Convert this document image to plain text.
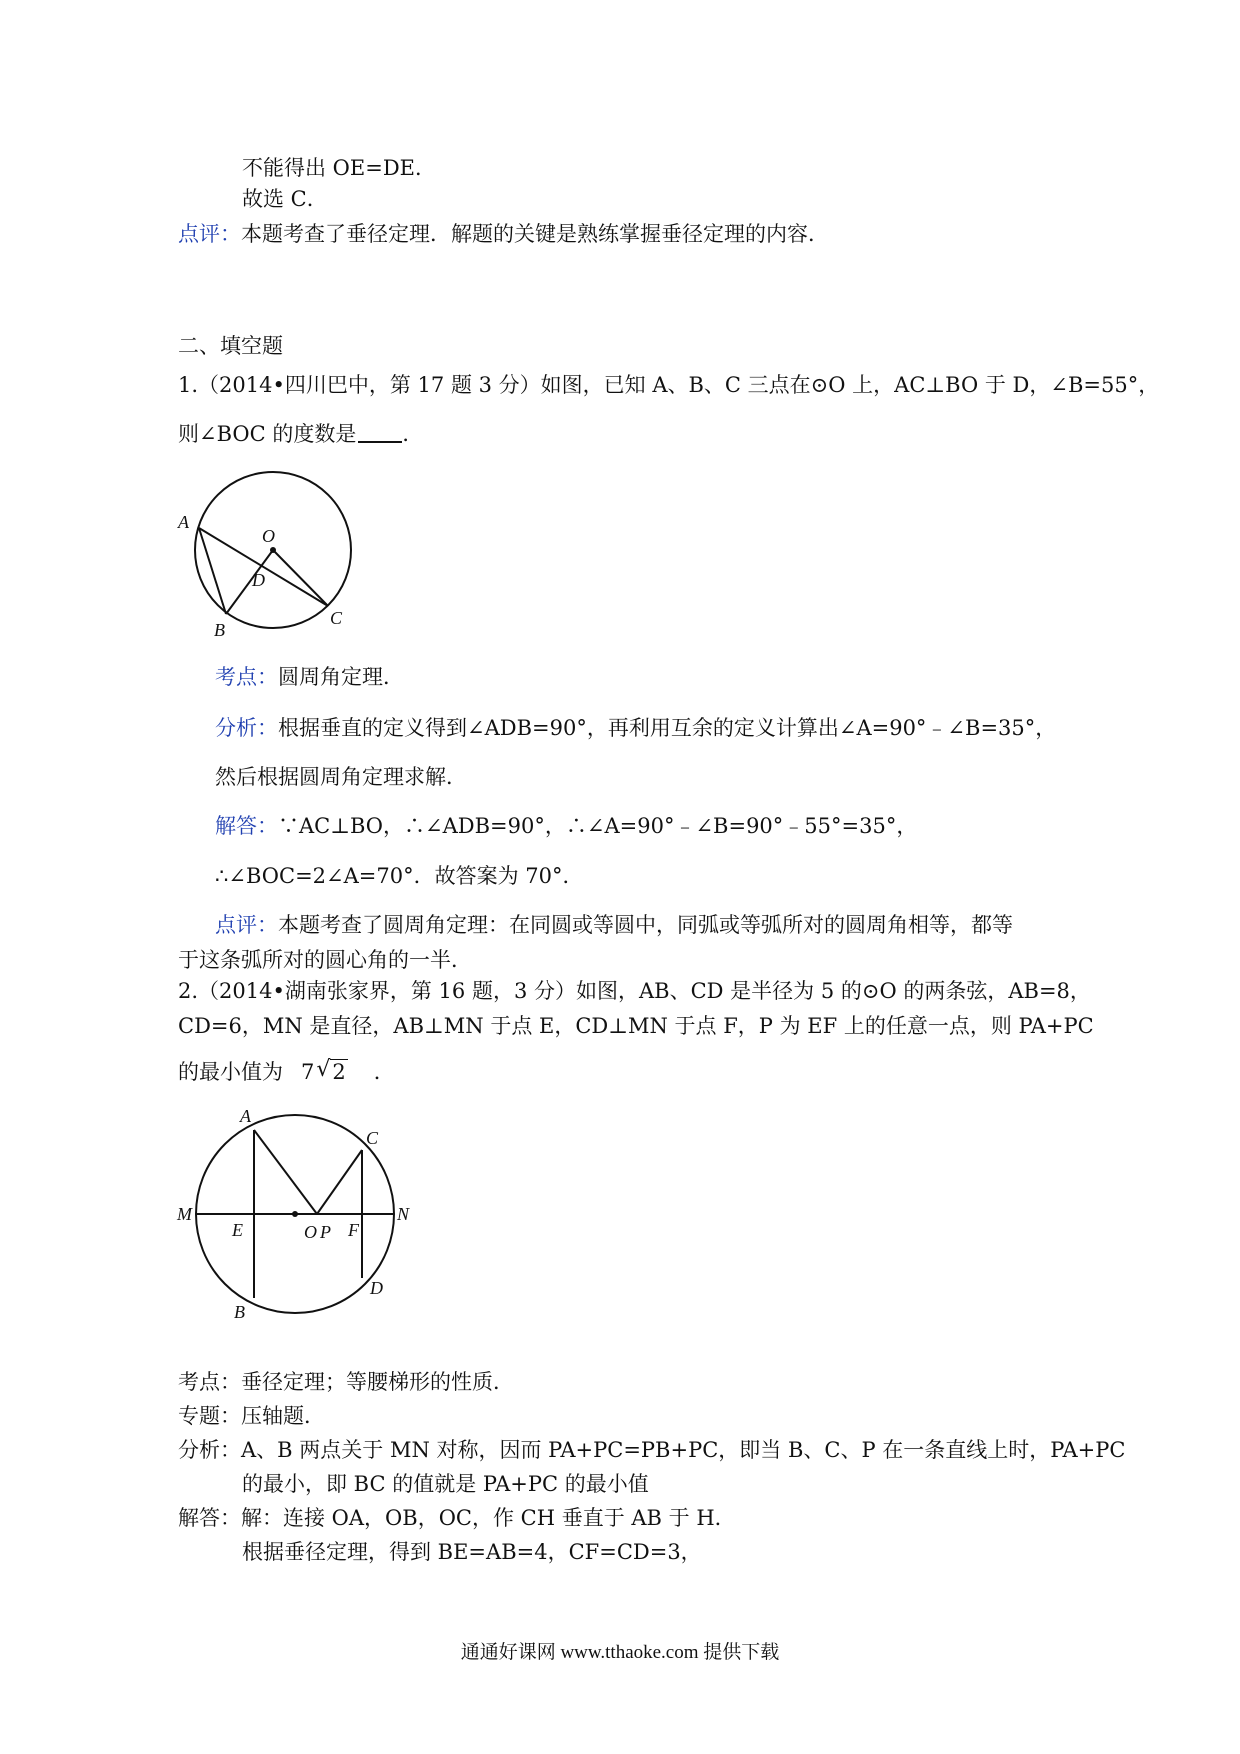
不能得出 OE=DE．
故选 C．
点评：本题考查了垂径定理．解题的关键是熟练掌握垂径定理的内容．
二、填空题
1.（2014•四川巴中，第 17 题 3 分）如图，已知 A、B、C 三点在⊙O 上，AC⊥BO 于 D，∠B=55°，
则∠BOC 的度数是 ．
A
O
D
B
C
考点：圆周角定理．
分析：根据垂直的定义得到∠ADB=90°，再利用互余的定义计算出∠A=90°﹣∠B=35°，
然后根据圆周角定理求解．
解答：∵AC⊥BO，∴∠ADB=90°，∴∠A=90°﹣∠B=90°﹣55°=35°，
∴∠BOC=2∠A=70°．故答案为 70°．
点评：本题考查了圆周角定理：在同圆或等圆中，同弧或等弧所对的圆周角相等，都等
于这条弧所对的圆心角的一半．
2.（2014•湖南张家界，第 16 题，3 分）如图，AB、CD 是半径为 5 的⊙O 的两条弦，AB=8，
CD=6，MN 是直径，AB⊥MN 于点 E，CD⊥MN 于点 F，P 为 EF 上的任意一点，则 PA+PC
的最小值为 7 √ 2 ．
A
C
M	N
E	O P F
D
B
考点：垂径定理；等腰梯形的性质．
专题：压轴题．
分析：A、B 两点关于 MN 对称，因而 PA+PC=PB+PC，即当 B、C、P 在一条直线上时，PA+PC
的最小，即 BC 的值就是 PA+PC 的最小值
解答：解：连接 OA，OB，OC，作 CH 垂直于 AB 于 H．
根据垂径定理，得到 BE=AB=4，CF=CD=3，
通通好课网 www.tthaoke.com 提供下载
